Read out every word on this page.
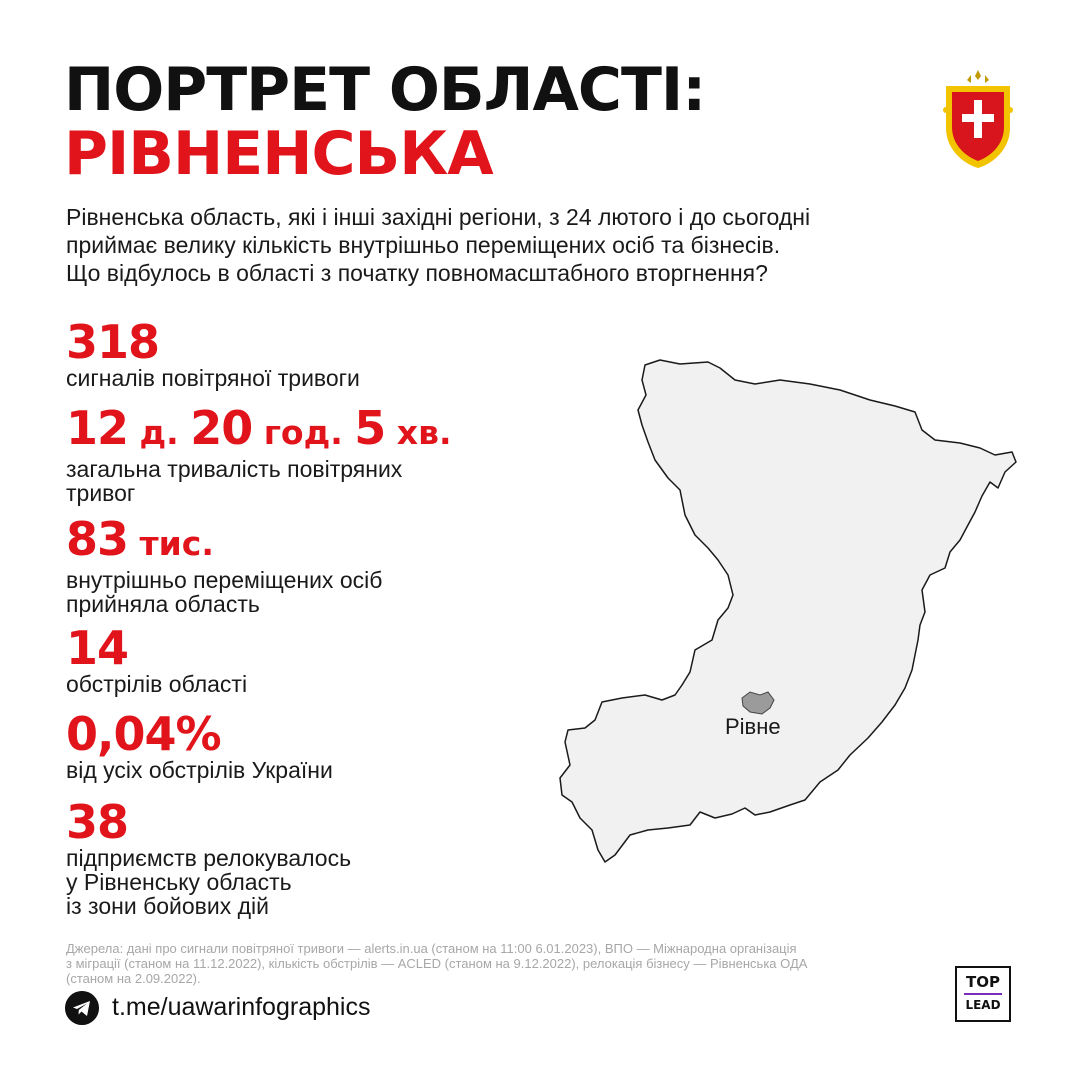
ПОРТРЕТ ОБЛАСТІ:
РІВНЕНСЬКА
Рівненська область, які і інші західні регіони, з 24 лютого і до сьогодні
приймає велику кількість внутрішньо переміщених осіб та бізнесів.
Що відбулось в області з початку повномасштабного вторгнення?
318
сигналів повітряної тривоги
12 д. 20 год. 5 хв.
загальна тривалість повітряних
тривог
83 тис.
внутрішньо переміщених осіб
прийняла область
14
обстрілів області
0,04%
від усіх обстрілів України
38
підприємств релокувалось
у Рівненську область
із зони бойових дій
Рівне
Джерела: дані про сигнали повітряної тривоги — alerts.in.ua (станом на 11:00 6.01.2023), ВПО — Міжнародна організація
з міграції (станом на 11.12.2022), кількість обстрілів — ACLED (станом на 9.12.2022), релокація бізнесу — Рівненська ОДА
(станом на 2.09.2022).
t.me/uawarinfographics
TOP
LEAD
